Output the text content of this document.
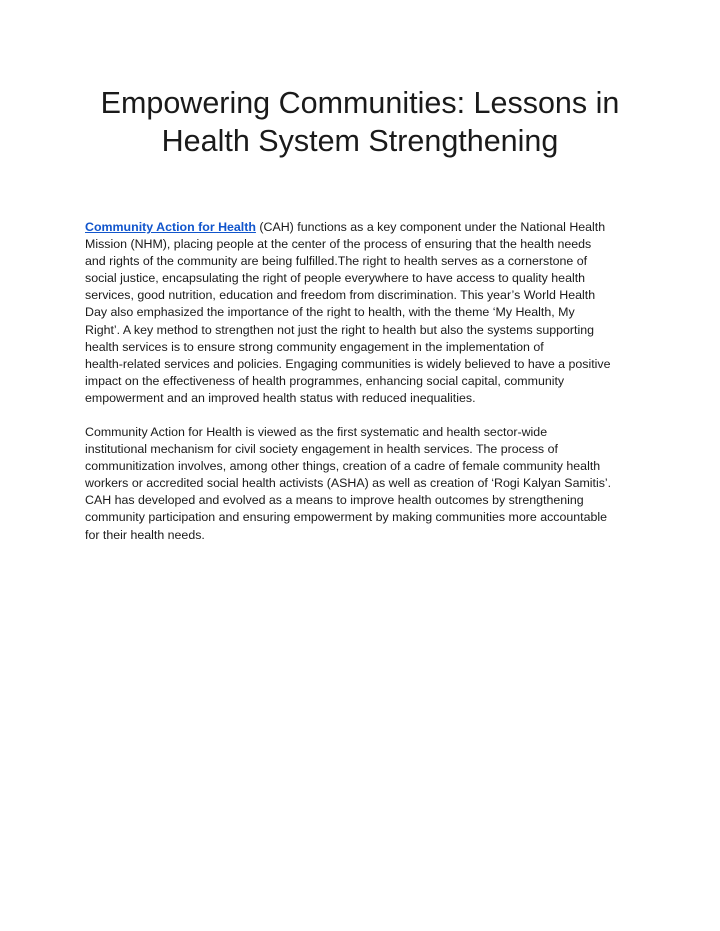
Empowering Communities: Lessons in
Health System Strengthening
Community Action for Health (CAH) functions as a key component under the National Health
Mission (NHM), placing people at the center of the process of ensuring that the health needs
and rights of the community are being fulfilled.The right to health serves as a cornerstone of
social justice, encapsulating the right of people everywhere to have access to quality health
services, good nutrition, education and freedom from discrimination. This year’s World Health
Day also emphasized the importance of the right to health, with the theme ‘My Health, My
Right’. A key method to strengthen not just the right to health but also the systems supporting
health services is to ensure strong community engagement in the implementation of
health-related services and policies. Engaging communities is widely believed to have a positive
impact on the effectiveness of health programmes, enhancing social capital, community
empowerment and an improved health status with reduced inequalities.
Community Action for Health is viewed as the first systematic and health sector-wide
institutional mechanism for civil society engagement in health services. The process of
communitization involves, among other things, creation of a cadre of female community health
workers or accredited social health activists (ASHA) as well as creation of ‘Rogi Kalyan Samitis’.
CAH has developed and evolved as a means to improve health outcomes by strengthening
community participation and ensuring empowerment by making communities more accountable
for their health needs.
